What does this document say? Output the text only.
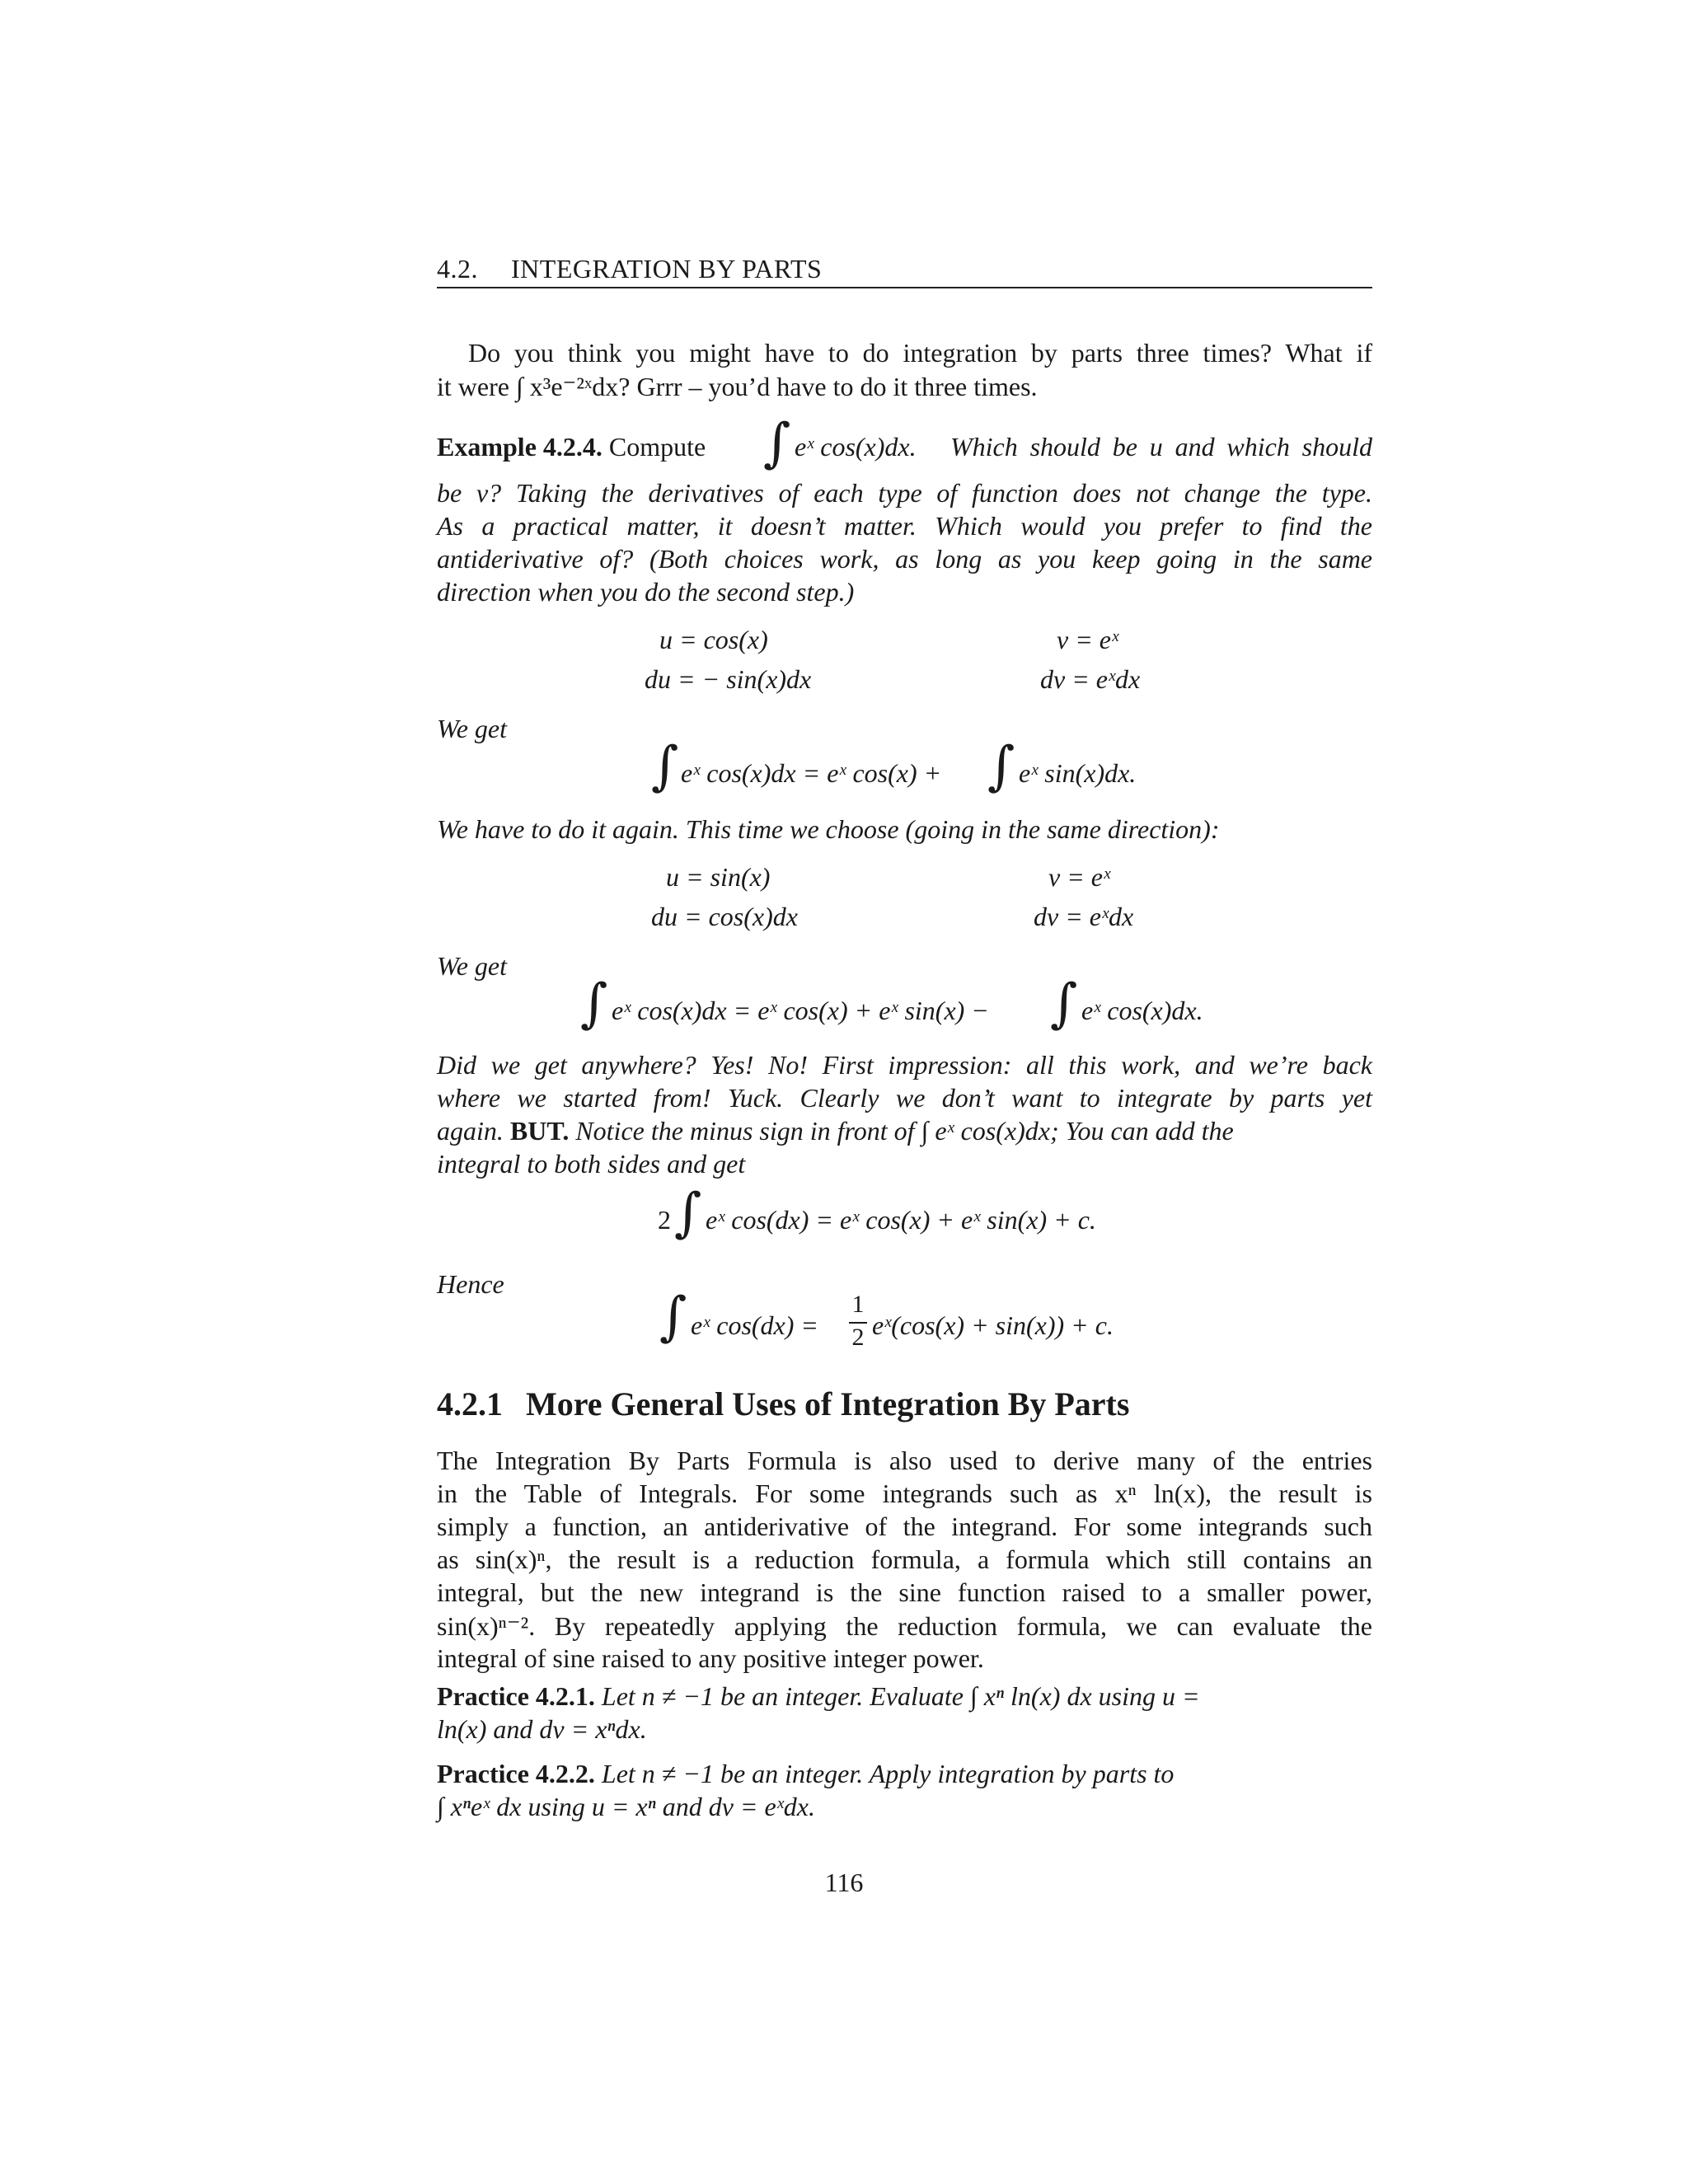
4.2. INTEGRATION BY PARTS
Do you think you might have to do integration by parts three times? What if
it were ∫ x³e⁻²ˣdx? Grrr – you’d have to do it three times.
Example 4.2.4. Compute ∫ eˣ cos(x)dx. Which should be u and which should
be v? Taking the derivatives of each type of function does not change the type.
As a practical matter, it doesn’t matter. Which would you prefer to find the
antiderivative of? (Both choices work, as long as you keep going in the same
direction when you do the second step.)
u = cos(x)
du = − sin(x)dx
v = eˣ
dv = eˣdx
We get
∫ eˣ cos(x)dx = eˣ cos(x) + ∫ eˣ sin(x)dx.
We have to do it again. This time we choose (going in the same direction):
u = sin(x)
du = cos(x)dx
v = eˣ
dv = eˣdx
We get
∫ eˣ cos(x)dx = eˣ cos(x) + eˣ sin(x) − ∫ eˣ cos(x)dx.
Did we get anywhere? Yes! No! First impression: all this work, and we’re back
where we started from! Yuck. Clearly we don’t want to integrate by parts yet
again. BUT. Notice the minus sign in front of ∫ eˣ cos(x)dx; You can add the
integral to both sides and get
2 ∫ eˣ cos(dx) = eˣ cos(x) + eˣ sin(x) + c.
Hence
∫ eˣ cos(dx) =
1
2 eˣ(cos(x) + sin(x)) + c.
4.2.1 More General Uses of Integration By Parts
The Integration By Parts Formula is also used to derive many of the entries
in the Table of Integrals. For some integrands such as xⁿ ln(x), the result is
simply a function, an antiderivative of the integrand. For some integrands such
as sin(x)ⁿ, the result is a reduction formula, a formula which still contains an
integral, but the new integrand is the sine function raised to a smaller power,
sin(x)ⁿ⁻². By repeatedly applying the reduction formula, we can evaluate the
integral of sine raised to any positive integer power.
Practice 4.2.1. Let n ≠ −1 be an integer. Evaluate ∫ xⁿ ln(x) dx using u =
ln(x) and dv = xⁿdx.
Practice 4.2.2. Let n ≠ −1 be an integer. Apply integration by parts to
∫ xⁿeˣ dx using u = xⁿ and dv = eˣdx.
116
